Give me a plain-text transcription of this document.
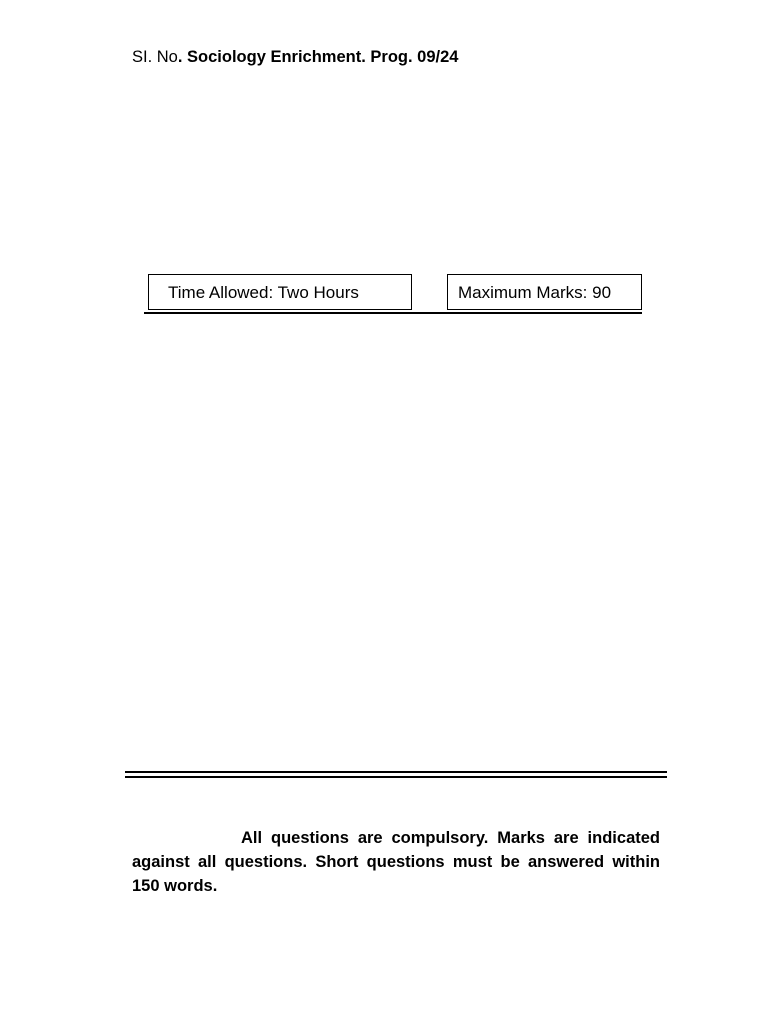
SI. No. Sociology Enrichment. Prog. 09/24
Time Allowed: Two Hours	Maximum Marks: 90

All questions are compulsory. Marks are indicated against all questions. Short questions must be answered within 150 words.
